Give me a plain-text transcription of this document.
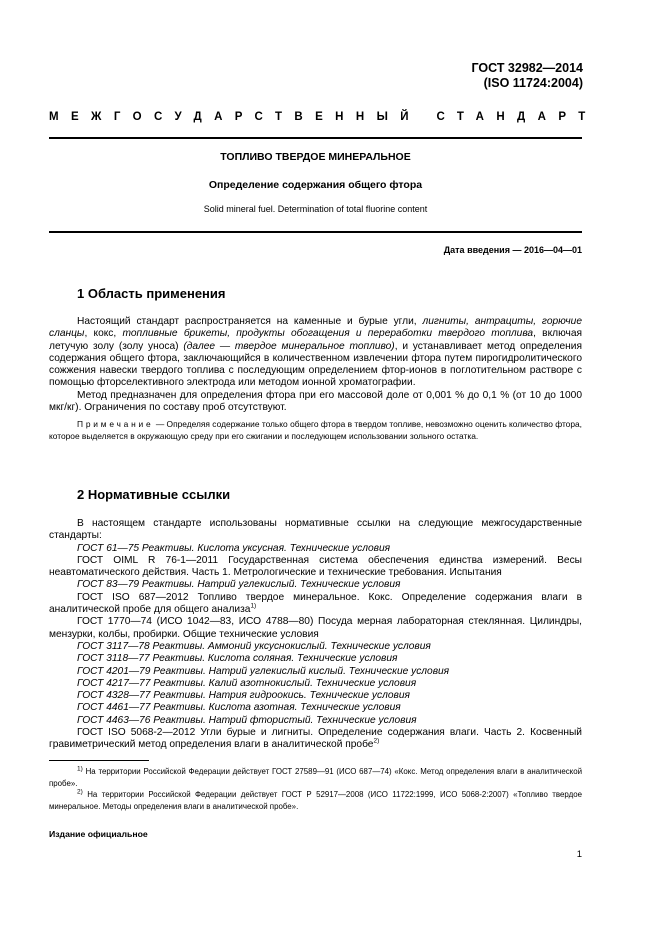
ГОСТ 32982—2014
(ISO 11724:2004)
МЕЖГОСУДАРСТВЕННЫЙ СТАНДАРТ
ТОПЛИВО ТВЕРДОЕ МИНЕРАЛЬНОЕ
Определение содержания общего фтора
Solid mineral fuel. Determination of total fluorine content
Дата введения — 2016—04—01
1 Область применения

Настоящий стандарт распространяется на каменные и бурые угли, лигниты, антрациты, горючие сланцы, кокс, топливные брикеты, продукты обогащения и переработки твердого топлива, включая летучую золу (золу уноса) (далее — твердое минеральное топливо), и устанавливает метод определения содержания общего фтора, заключающийся в количественном извлечении фтора путем пирогидролитического сожжения навески твердого топлива с последующим определением фтор-ионов в поглотительном растворе с помощью фторселективного электрода или методом ионной хроматографии.

Метод предназначен для определения фтора при его массовой доле от 0,001 % до 0,1 % (от 10 до 1000 мкг/кг). Ограничения по составу проб отсутствуют.

Примечание — Определяя содержание только общего фтора в твердом топливе, невозможно оценить количество фтора, которое выделяется в окружающую среду при его сжигании и последующем использовании зольного остатка.

2 Нормативные ссылки

В настоящем стандарте использованы нормативные ссылки на следующие межгосударственные стандарты:

ГОСТ 61—75 Реактивы. Кислота уксусная. Технические условия

ГОСТ OIML R 76-1—2011 Государственная система обеспечения единства измерений. Весы неавтоматического действия. Часть 1. Метрологические и технические требования. Испытания

ГОСТ 83—79 Реактивы. Натрий углекислый. Технические условия

ГОСТ ISO 687—2012 Топливо твердое минеральное. Кокс. Определение содержания влаги в аналитической пробе для общего анализа$^{1)}$

ГОСТ 1770—74 (ИСО 1042—83, ИСО 4788—80) Посуда мерная лабораторная стеклянная. Цилиндры, мензурки, колбы, пробирки. Общие технические условия

ГОСТ 3117—78 Реактивы. Аммоний уксуснокислый. Технические условия

ГОСТ 3118—77 Реактивы. Кислота соляная. Технические условия

ГОСТ 4201—79 Реактивы. Натрий углекислый кислый. Технические условия

ГОСТ 4217—77 Реактивы. Калий азотнокислый. Технические условия

ГОСТ 4328—77 Реактивы. Натрия гидроокись. Технические условия

ГОСТ 4461—77 Реактивы. Кислота азотная. Технические условия

ГОСТ 4463—76 Реактивы. Натрий фтористый. Технические условия

ГОСТ ISO 5068-2—2012 Угли бурые и лигниты. Определение содержания влаги. Часть 2. Косвенный гравиметрический метод определения влаги в аналитической пробе$^{2)}$

$^{1)}$ На территории Российской Федерации действует ГОСТ 27589—91 (ИСО 687—74) «Кокс. Метод определения влаги в аналитической пробе».

$^{2)}$ На территории Российской Федерации действует ГОСТ Р 52917—2008 (ИСО 11722:1999, ИСО 5068-2:2007) «Топливо твердое минеральное. Методы определения влаги в аналитической пробе».

Издание официальное
1
